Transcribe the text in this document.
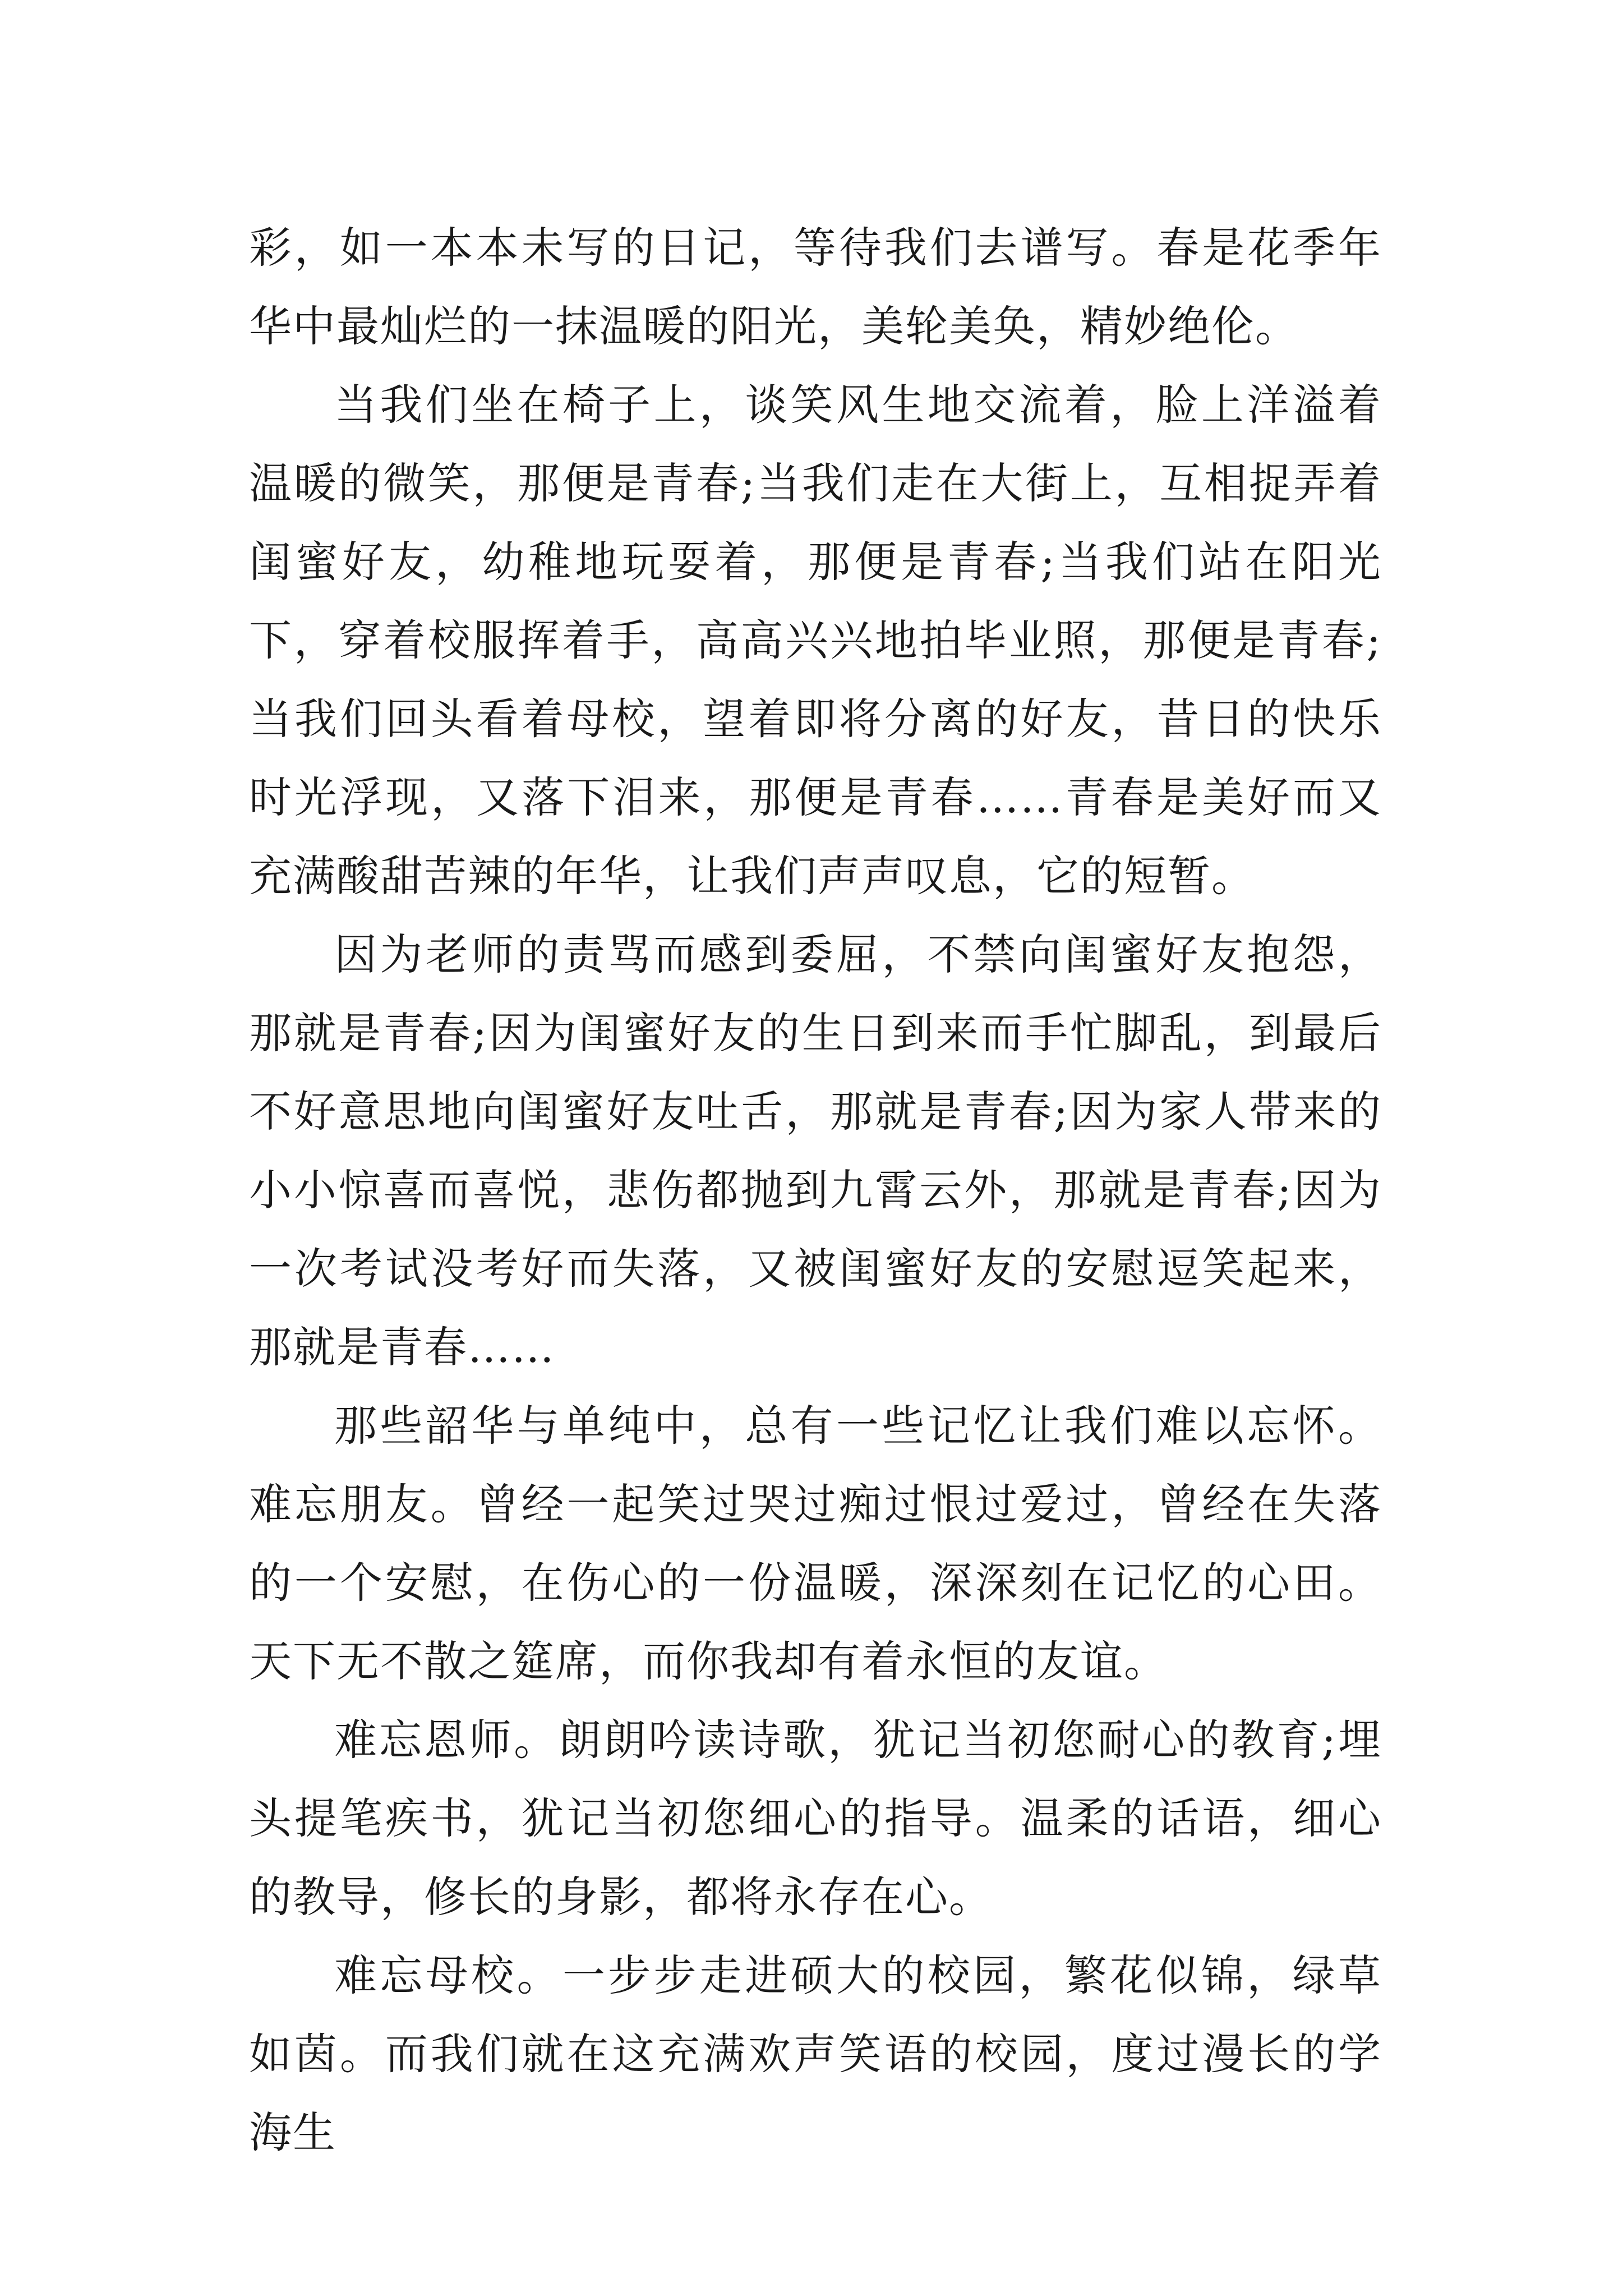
彩，如一本本未写的日记，等待我们去谱写。春是花季年华中最灿烂的一抹温暖的阳光，美轮美奂，精妙绝伦。

当我们坐在椅子上，谈笑风生地交流着，脸上洋溢着温暖的微笑，那便是青春;当我们走在大街上，互相捉弄着闺蜜好友，幼稚地玩耍着，那便是青春;当我们站在阳光下，穿着校服挥着手，高高兴兴地拍毕业照，那便是青春;当我们回头看着母校，望着即将分离的好友，昔日的快乐时光浮现，又落下泪来，那便是青春……青春是美好而又充满酸甜苦辣的年华，让我们声声叹息，它的短暂。

因为老师的责骂而感到委屈，不禁向闺蜜好友抱怨，那就是青春;因为闺蜜好友的生日到来而手忙脚乱，到最后不好意思地向闺蜜好友吐舌，那就是青春;因为家人带来的小小惊喜而喜悦，悲伤都抛到九霄云外，那就是青春;因为一次考试没考好而失落，又被闺蜜好友的安慰逗笑起来，那就是青春……

那些韶华与单纯中，总有一些记忆让我们难以忘怀。难忘朋友。曾经一起笑过哭过痴过恨过爱过，曾经在失落的一个安慰，在伤心的一份温暖，深深刻在记忆的心田。天下无不散之筵席，而你我却有着永恒的友谊。

难忘恩师。朗朗吟读诗歌，犹记当初您耐心的教育;埋头提笔疾书，犹记当初您细心的指导。温柔的话语，细心的教导，修长的身影，都将永存在心。

难忘母校。一步步走进硕大的校园，繁花似锦，绿草如茵。而我们就在这充满欢声笑语的校园，度过漫长的学海生
